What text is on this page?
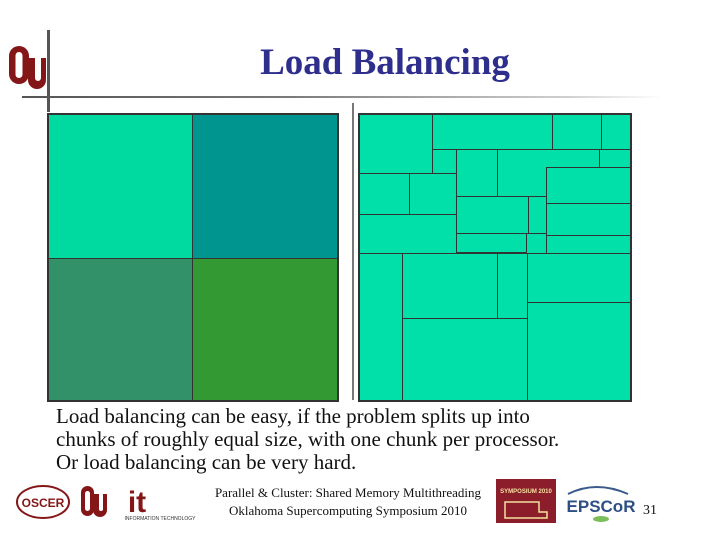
Load Balancing
Load balancing can be easy, if the problem splits up into
chunks of roughly equal size, with one chunk per processor.
Or load balancing can be very hard.
OSCER it
INFORMATION TECHNOLOGY
Parallel & Cluster: Shared Memory Multithreading
Oklahoma Supercomputing Symposium 2010
SYMPOSIUM 2010
EPSCoR 31
